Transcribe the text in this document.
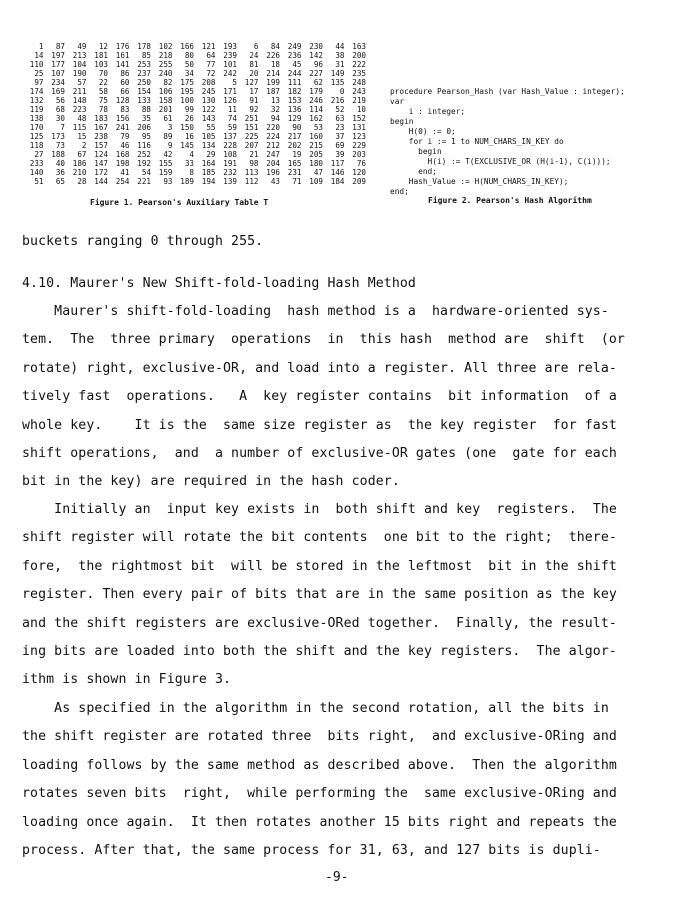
1	87	49	12	176	178	102	166	121	193	6	84	249	230	44	163
14	197	213	181	161	85	218	80	64	239	24	226	236	142	38	200
110	177	104	103	141	253	255	50	77	101	81	18	45	96	31	222
25	107	190	70	86	237	240	34	72	242	20	214	244	227	149	235
97	234	57	22	60	250	82	175	208	5	127	199	111	62	135	248
174	169	211	58	66	154	106	195	245	171	17	187	182	179	0	243
132	56	148	75	128	133	158	100	130	126	91	13	153	246	216	219
119	68	223	78	83	88	201	99	122	11	92	32	136	114	52	10
138	30	48	183	156	35	61	26	143	74	251	94	129	162	63	152
170	7	115	167	241	206	3	150	55	59	151	220	90	53	23	131
125	173	15	238	79	95	89	16	105	137	225	224	217	160	37	123
118	73	2	157	46	116	9	145	134	228	207	212	202	215	69	229
27	188	67	124	168	252	42	4	29	108	21	247	19	205	39	203
233	40	186	147	198	192	155	33	164	191	98	204	165	180	117	76
140	36	210	172	41	54	159	8	185	232	113	196	231	47	146	120
51	65	28	144	254	221	93	189	194	139	112	43	71	109	184	209
Figure 1. Pearson's Auxiliary Table T
procedure Pearson_Hash (var Hash_Value : integer);
var
i : integer;
begin
H(0) := 0;
for i := 1 to NUM_CHARS_IN_KEY do
begin
H(i) := T(EXCLUSIVE_OR (H(i-1), C(i)));
end;
Hash_Value := H(NUM_CHARS_IN_KEY);
end;
Figure 2. Pearson's Hash Algorithm
buckets ranging 0 through 255.
4.10. Maurer's New Shift-fold-loading Hash Method
Maurer's shift-fold-loading  hash method is a  hardware-oriented sys-
tem.  The  three primary  operations  in  this hash  method are  shift  (or
rotate) right, exclusive-OR, and load into a register. All three are rela-
tively fast  operations.   A  key register contains  bit information  of a
whole key.    It is the  same size register as  the key register  for fast
shift operations,  and  a number of exclusive-OR gates (one  gate for each
bit in the key) are required in the hash coder.
Initially an  input key exists in  both shift and key  registers.  The
shift register will rotate the bit contents  one bit to the right;  there-
fore,  the rightmost bit  will be stored in the leftmost  bit in the shift
register. Then every pair of bits that are in the same position as the key
and the shift registers are exclusive-ORed together.  Finally, the result-
ing bits are loaded into both the shift and the key registers.  The algor-
ithm is shown in Figure 3.
As specified in the algorithm in the second rotation, all the bits in
the shift register are rotated three  bits right,  and exclusive-ORing and
loading follows by the same method as described above.  Then the algorithm
rotates seven bits  right,  while performing the  same exclusive-ORing and
loading once again.  It then rotates another 15 bits right and repeats the
process. After that, the same process for 31, 63, and 127 bits is dupli-
-9-
